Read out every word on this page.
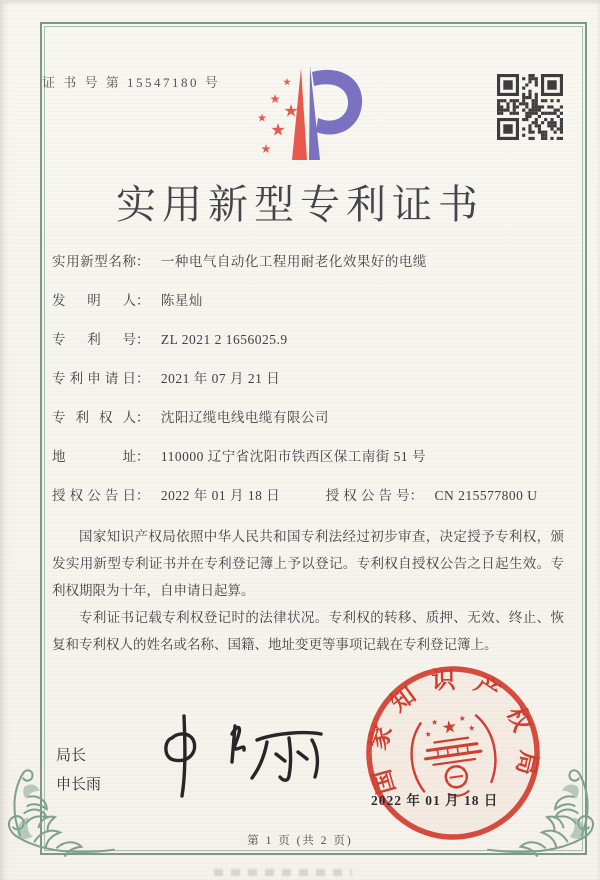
证 书 号 第 15547180 号
实用新型专利证书
实用新型名称： 一种电气自动化工程用耐老化效果好的电缆
发明人： 陈星灿
专利号： ZL 2021 2 1656025.9
专利申请日： 2021 年 07 月 21 日
专利权人： 沈阳辽缆电线电缆有限公司
地址： 110000 辽宁省沈阳市铁西区保工南街 51 号
授权公告日： 2022 年 01 月 18 日	授权公告号： CN 215577800 U

国家知识产权局依照中华人民共和国专利法经过初步审查，决定授予专利权，颁发实用新型专利证书并在专利登记簿上予以登记。专利权自授权公告之日起生效。专利权期限为十年，自申请日起算。

专利证书记载专利权登记时的法律状况。专利权的转移、质押、无效、终止、恢复和专利权人的姓名或名称、国籍、地址变更等事项记载在专利登记簿上。

局长
申长雨	国家知识产权局
2022 年 01 月 18 日
第 1 页 (共 2 页)
